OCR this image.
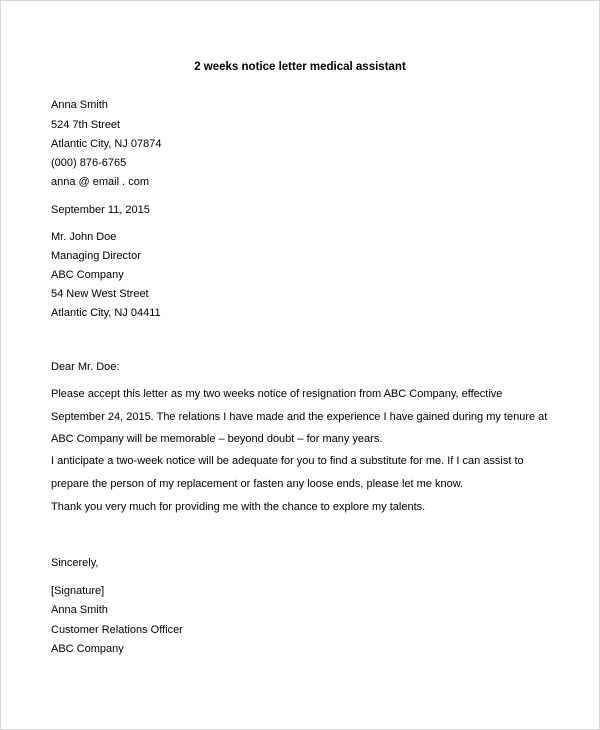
2 weeks notice letter medical assistant

Anna Smith

524 7th Street

Atlantic City, NJ 07874

(000) 876-6765

anna @ email . com

September 11, 2015

Mr. John Doe

Managing Director

ABC Company

54 New West Street

Atlantic City, NJ 04411

Dear Mr. Doe:

Please accept this letter as my two weeks notice of resignation from ABC Company, effective September 24, 2015. The relations I have made and the experience I have gained during my tenure at ABC Company will be memorable – beyond doubt – for many years.

I anticipate a two-week notice will be adequate for you to find a substitute for me. If I can assist to prepare the person of my replacement or fasten any loose ends, please let me know.

Thank you very much for providing me with the chance to explore my talents.

Sincerely,

[Signature]

Anna Smith

Customer Relations Officer

ABC Company
